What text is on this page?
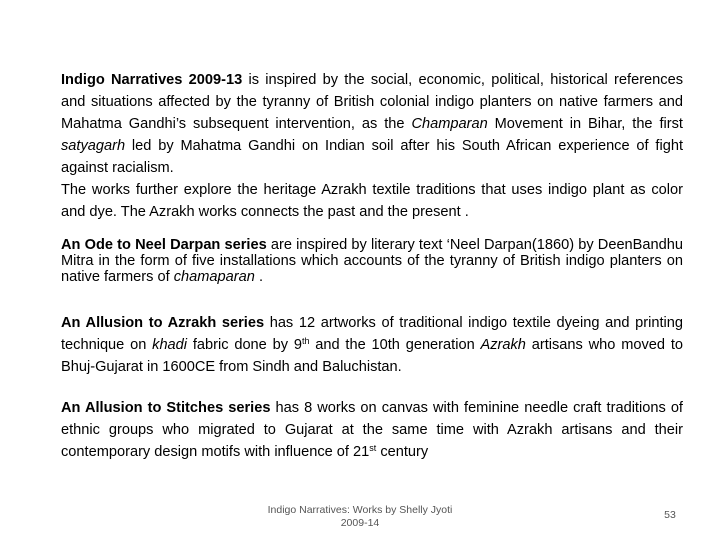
Indigo Narratives 2009-13 is inspired by the social, economic, political, historical references and situations affected by the tyranny of British colonial indigo planters on native farmers and Mahatma Gandhi’s subsequent intervention, as the Champaran Movement in Bihar, the first satyagarh led by Mahatma Gandhi on Indian soil after his South African experience of fight against racialism.

The works further explore the heritage Azrakh textile traditions that uses indigo plant as color and dye. The Azrakh works connects the past and the present .

An Ode to Neel Darpan series are inspired by literary text ‘Neel Darpan(1860) by DeenBandhu Mitra in the form of five installations which accounts of the tyranny of British indigo planters on native farmers of chamaparan .

An Allusion to Azrakh series has 12 artworks of traditional indigo textile dyeing and printing technique on khadi fabric done by 9th and the 10th generation Azrakh artisans who moved to Bhuj-Gujarat in 1600CE from Sindh and Baluchistan.

An Allusion to Stitches series has 8 works on canvas with feminine needle craft traditions of ethnic groups who migrated to Gujarat at the same time with Azrakh artisans and their contemporary design motifs with influence of 21st century

Indigo Narratives: Works by Shelly Jyoti
2009-14
53
